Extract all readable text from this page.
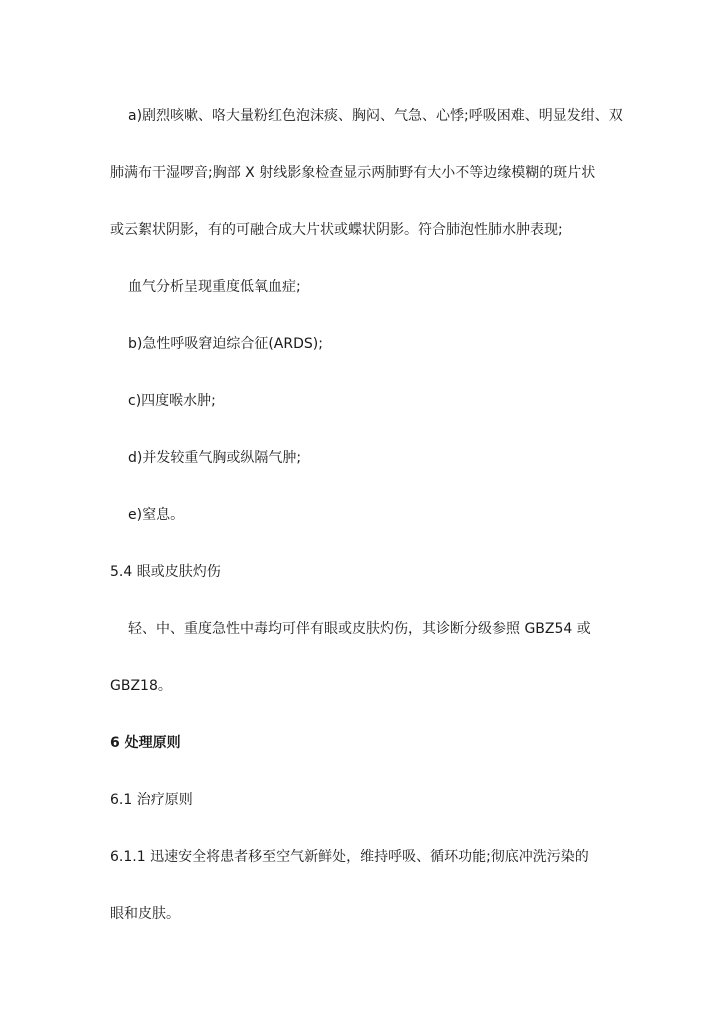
a)剧烈咳嗽、咯大量粉红色泡沫痰、胸闷、气急、心悸;呼吸困难、明显发绀、双
肺满布干湿啰音;胸部 X 射线影象检查显示两肺野有大小不等边缘模糊的斑片状
或云絮状阴影，有的可融合成大片状或蝶状阴影。符合肺泡性肺水肿表现;
血气分析呈现重度低氧血症;
b)急性呼吸窘迫综合征(ARDS);
c)四度喉水肿;
d)并发较重气胸或纵隔气肿;
e)窒息。
5.4 眼或皮肤灼伤
轻、中、重度急性中毒均可伴有眼或皮肤灼伤，其诊断分级参照 GBZ54 或
GBZ18。
6 处理原则
6.1 治疗原则
6.1.1 迅速安全将患者移至空气新鲜处，维持呼吸、循环功能;彻底冲洗污染的
眼和皮肤。
